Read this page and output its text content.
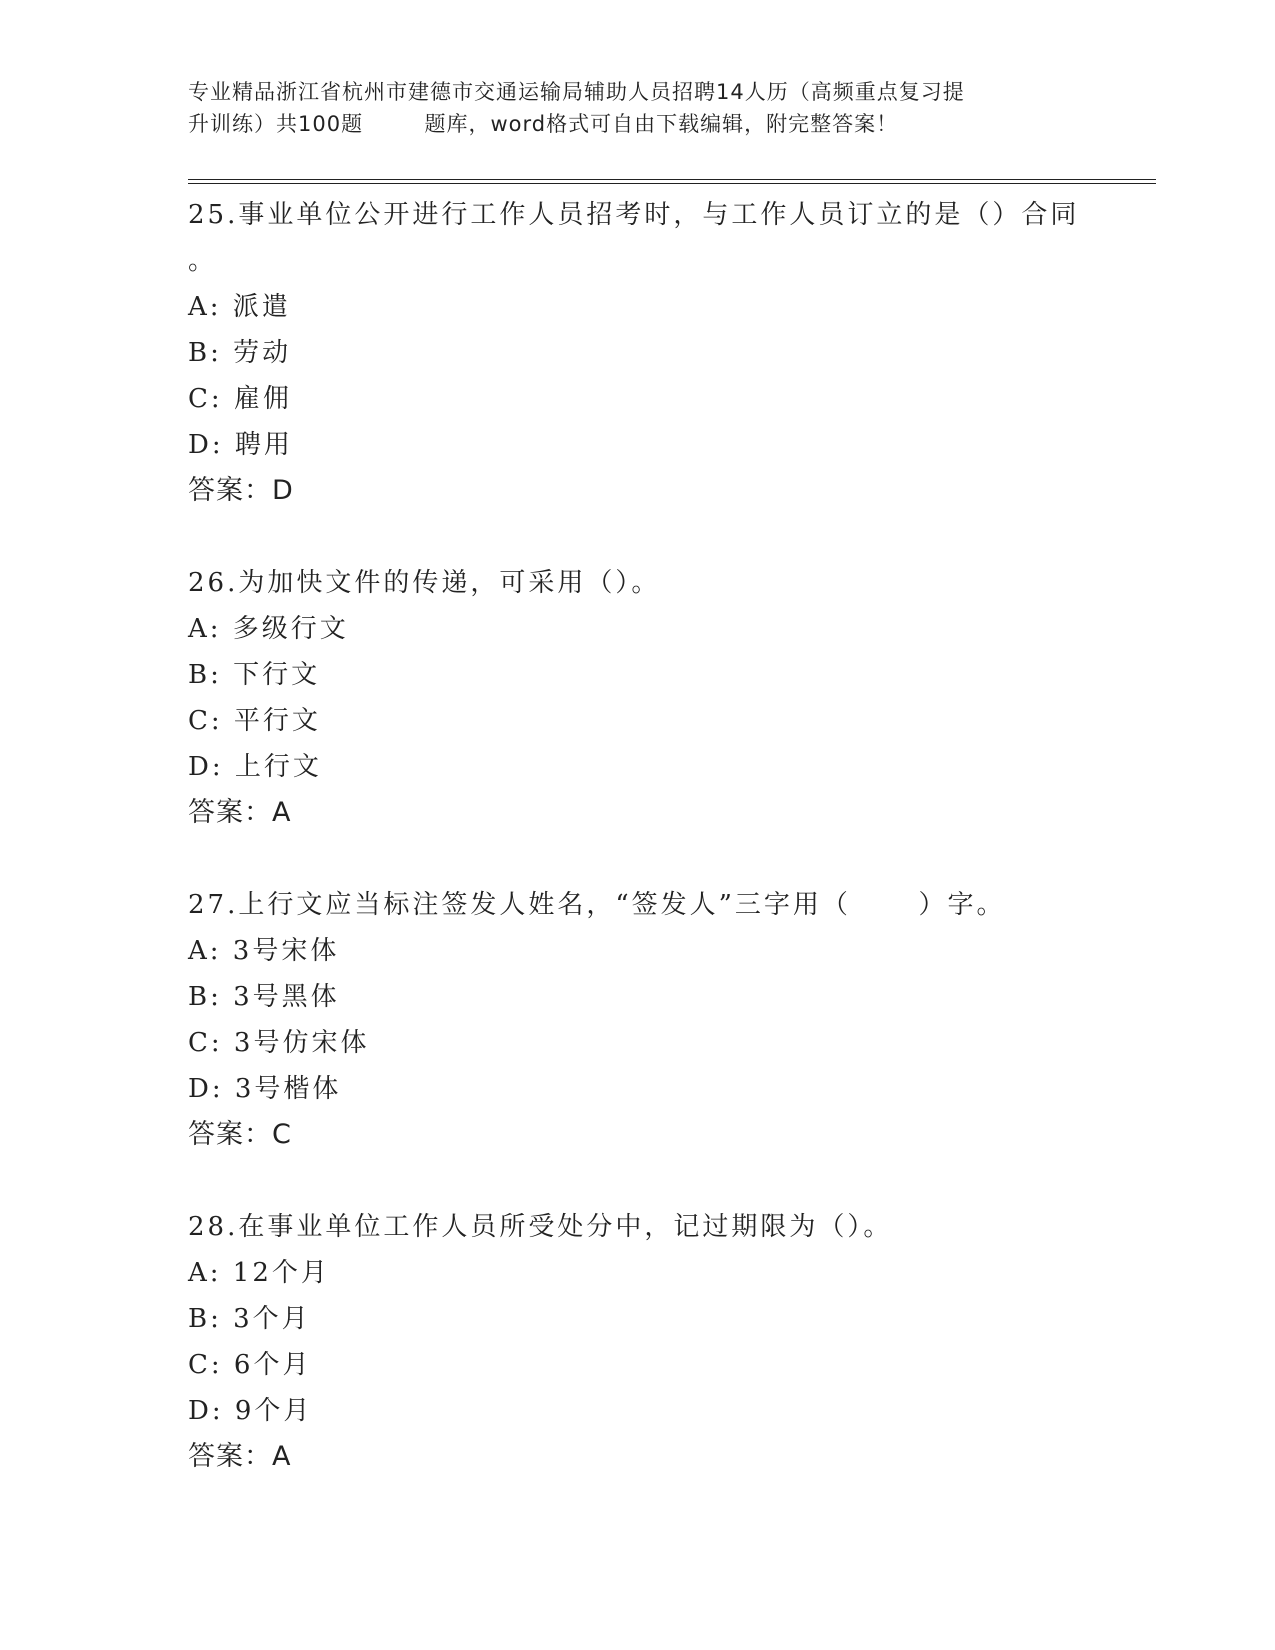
专业精品浙江省杭州市建德市交通运输局辅助人员招聘14人历（高频重点复习提
升训练）共100题        题库，word格式可自由下载编辑，附完整答案！
25.事业单位公开进行工作人员招考时，与工作人员订立的是（）合同
。
A: 派遣
B: 劳动
C: 雇佣
D: 聘用
答案：D
26.为加快文件的传递，可采用（）。
A: 多级行文
B: 下行文
C: 平行文
D: 上行文
答案：A
27.上行文应当标注签发人姓名，“签发人”三字用（      ）字。
A: 3号宋体
B: 3号黑体
C: 3号仿宋体
D: 3号楷体
答案：C
28.在事业单位工作人员所受处分中，记过期限为（）。
A: 12个月
B: 3个月
C: 6个月
D: 9个月
答案：A
